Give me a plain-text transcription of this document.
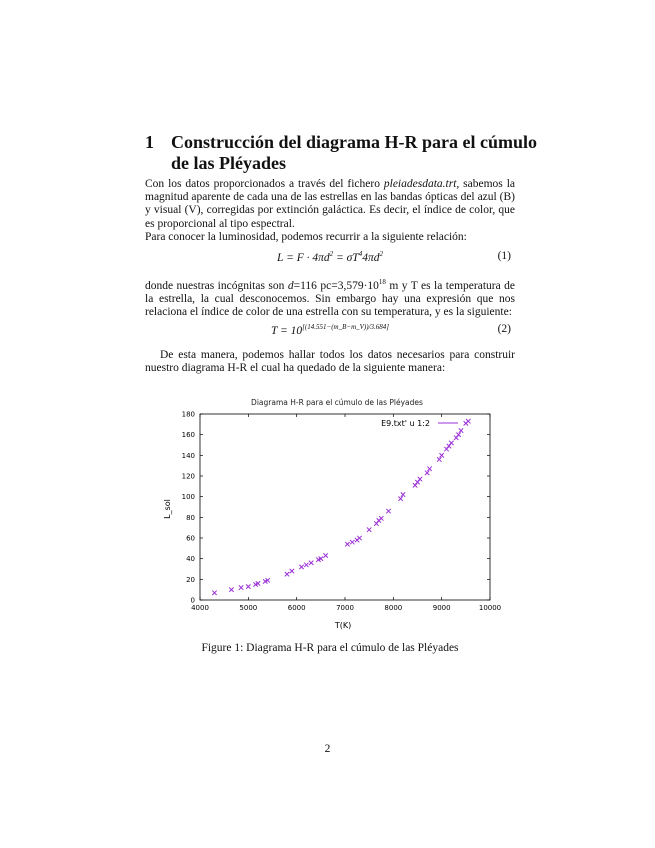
1 Construcción del diagrama H-R para el cúmulo de las Pléyades

Con los datos proporcionados a través del fichero pleiadesdata.trt, sabemos la magnitud aparente de cada una de las estrellas en las bandas ópticas del azul (B) y visual (V), corregidas por extinción galáctica. Es decir, el índice de color, que es proporcional al tipo espectral.
Para conocer la luminosidad, podemos recurrir a la siguiente relación:

$L = F \cdot 4\pi d^2 = \sigma T^44\pi d^2$	(1)

donde nuestras incógnitas son d=116 $pc=3,579\cdot 10^{18}$ m y T es la temperatura de la estrella, la cual desconocemos. Sin embargo hay una expresión que nos relaciona el índice de color de una estrella con su temperatura, y es la siguiente:

T = 10[(14.551−(m_B−m_V))/3.684]	(2)

De esta manera, podemos hallar todos los datos necesarios para construir nuestro diagrama H-R el cual ha quedado de la siguiente manera:

Diagrama H-R para el cúmulo de las Pléyades
4000	5000	6000	7000	8000	9000	10000
0
20
40
60
80
100
120
140
160
180
E9.txt' u 1:2
T(K)
L_sol
Figure 1: Diagrama H-R para el cúmulo de las Pléyades
2
